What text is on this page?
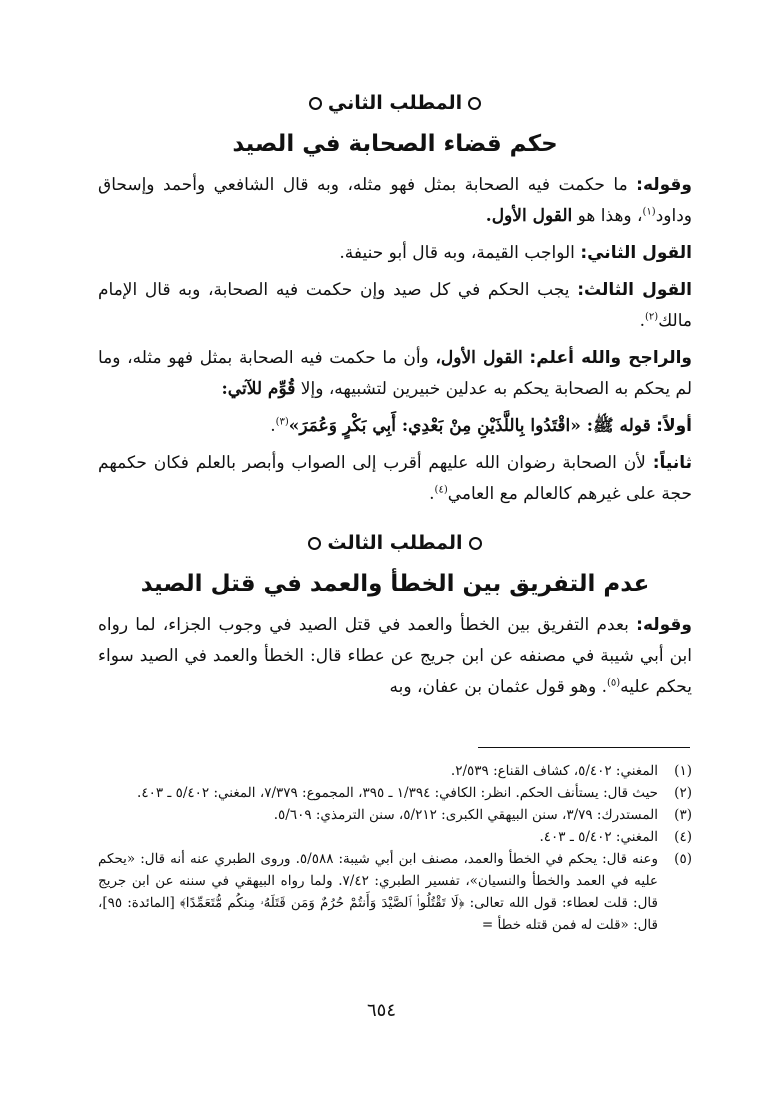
المطلب الثاني
حكم قضاء الصحابة في الصيد

وقوله: ما حكمت فيه الصحابة بمثل فهو مثله، وبه قال الشافعي وأحمد وإسحاق وداود$^{(١)}$، وهذا هو القول الأول.

القول الثاني: الواجب القيمة، وبه قال أبو حنيفة.

القول الثالث: يجب الحكم في كل صيد وإن حكمت فيه الصحابة، وبه قال الإمام مالك$^{(٢)}$.

والراجح والله أعلم: القول الأول، وأن ما حكمت فيه الصحابة بمثل فهو مثله، وما لم يحكم به الصحابة يحكم به عدلين خبيرين لتشبيهه، وإلا قُوِّم للآتي:

أولاً: قوله ﷺ: «اقْتَدُوا بِاللَّذَيْنِ مِنْ بَعْدِي: أَبِي بَكْرٍ وَعُمَرَ»$^{(٣)}$.

ثانياً: لأن الصحابة رضوان الله عليهم أقرب إلى الصواب وأبصر بالعلم فكان حكمهم حجة على غيرهم كالعالم مع العامي$^{(٤)}$.

المطلب الثالث
عدم التفريق بين الخطأ والعمد في قتل الصيد

وقوله: بعدم التفريق بين الخطأ والعمد في قتل الصيد في وجوب الجزاء، لما رواه ابن أبي شيبة في مصنفه عن ابن جريج عن عطاء قال: الخطأ والعمد في الصيد سواء يحكم عليه$^{(٥)}$. وهو قول عثمان بن عفان، وبه

(١)
المغني: ٥/٤٠٢، كشاف القناع: ٢/٥٣٩.
(٢)
حيث قال: يستأنف الحكم. انظر: الكافي: ١/٣٩٤ ـ ٣٩٥، المجموع: ٧/٣٧٩، المغني: ٥/٤٠٢ ـ ٤٠٣.
(٣)
المستدرك: ٣/٧٩، سنن البيهقي الكبرى: ٥/٢١٢، سنن الترمذي: ٥/٦٠٩.
(٤)
المغني: ٥/٤٠٢ ـ ٤٠٣.
(٥)
وعنه قال: يحكم في الخطأ والعمد، مصنف ابن أبي شيبة: ٥/٥٨٨. وروى الطبري عنه أنه قال: «يحكم عليه في العمد والخطأ والنسيان»، تفسير الطبري: ٧/٤٢. ولما رواه البيهقي في سننه عن ابن جريج قال: قلت لعطاء: قول الله تعالى: ﴿لَا تَقْتُلُوا۟ ٱلصَّيْدَ وَأَنتُمْ حُرُمٌ وَمَن قَتَلَهُۥ مِنكُم مُّتَعَمِّدًا﴾ [المائدة: ٩٥]، قال: «قلت له فمن قتله خطأ =
٦٥٤
